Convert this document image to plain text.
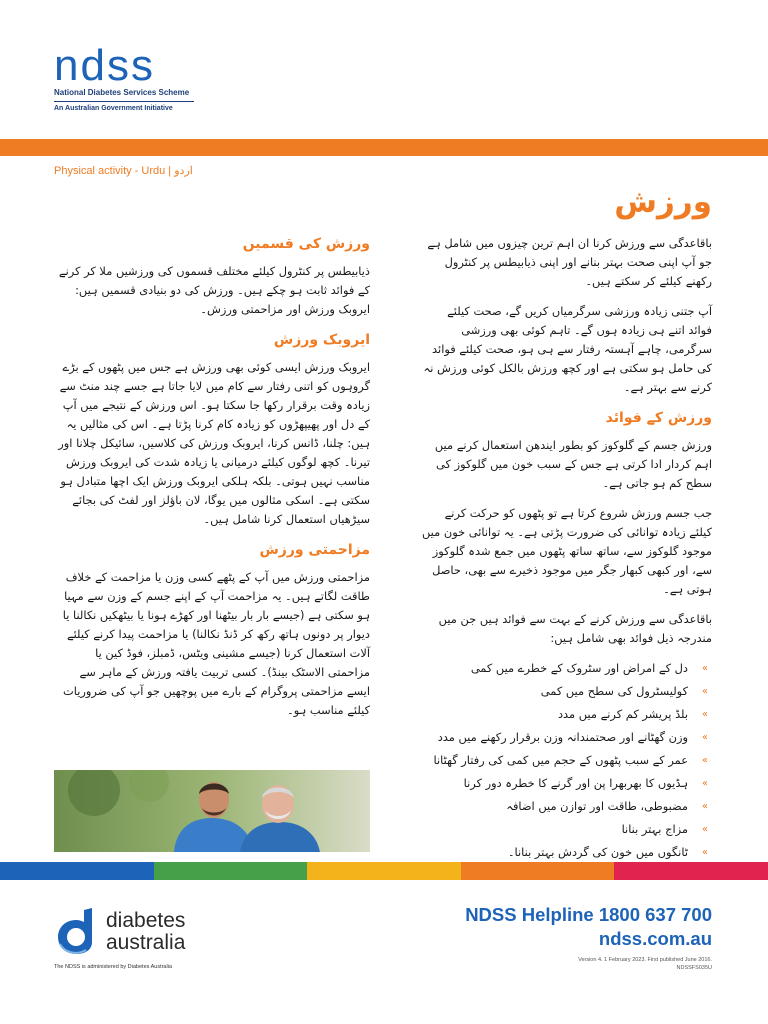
ndss
National Diabetes Services Scheme
An Australian Government Initiative
Physical activity - Urdu | اردو
ورزش

باقاعدگی سے ورزش کرنا ان اہم ترین چیزوں میں شامل ہے جو آپ اپنی صحت بہتر بنانے اور اپنی ذیابیطس پر کنٹرول رکھنے کیلئے کر سکتے ہیں۔

آپ جتنی زیادہ ورزشی سرگرمیاں کریں گے، صحت کیلئے فوائد اتنے ہی زیادہ ہوں گے۔ تاہم کوئی بھی ورزشی سرگرمی، چاہے آہستہ رفتار سے ہی ہو، صحت کیلئے فوائد کی حامل ہو سکتی ہے اور کچھ ورزش بالکل کوئی ورزش نہ کرنے سے بہتر ہے۔

ورزش کے فوائد

ورزش جسم کے گلوکوز کو بطور ایندھن استعمال کرنے میں اہم کردار ادا کرتی ہے جس کے سبب خون میں گلوکوز کی سطح کم ہو جاتی ہے۔

جب جسم ورزش شروع کرتا ہے تو پٹھوں کو حرکت کرنے کیلئے زیادہ توانائی کی ضرورت پڑتی ہے۔ یہ توانائی خون میں موجود گلوکوز سے، ساتھ ساتھ پٹھوں میں جمع شدہ گلوکوز سے، اور کبھی کبھار جگر میں موجود ذخیرے سے بھی، حاصل ہوتی ہے۔

باقاعدگی سے ورزش کرنے کے بہت سے فوائد ہیں جن میں مندرجہ ذیل فوائد بھی شامل ہیں:

»
دل کے امراض اور سٹروک کے خطرے میں کمی
»
کولیسٹرول کی سطح میں کمی
»
بلڈ پریشر کم کرنے میں مدد
»
وزن گھٹانے اور صحتمندانہ وزن برقرار رکھنے میں مدد
»
عمر کے سبب پٹھوں کے حجم میں کمی کی رفتار گھٹانا
»
ہڈیوں کا بھربھرا پن اور گرنے کا خطرہ دور کرنا
»
مضبوطی، طاقت اور توازن میں اضافہ
»
مزاج بہتر بنانا
»
ٹانگوں میں خون کی گردش بہتر بنانا۔
ورزش کی قسمیں

ذیابیطس پر کنٹرول کیلئے مختلف قسموں کی ورزشیں ملا کر کرنے کے فوائد ثابت ہو چکے ہیں۔ ورزش کی دو بنیادی قسمیں ہیں: ایروبک ورزش اور مزاحمتی ورزش۔

ایروبک ورزش

ایروبک ورزش ایسی کوئی بھی ورزش ہے جس میں پٹھوں کے بڑے گروہوں کو اتنی رفتار سے کام میں لایا جاتا ہے جسے چند منٹ سے زیادہ وقت برقرار رکھا جا سکتا ہو۔ اس ورزش کے نتیجے میں آپ کے دل اور پھیپھڑوں کو زیادہ کام کرنا پڑتا ہے۔ اس کی مثالیں یہ ہیں: چلنا، ڈانس کرنا، ایروبک ورزش کی کلاسیں، سائیکل چلانا اور تیرنا۔ کچھ لوگوں کیلئے درمیانی یا زیادہ شدت کی ایروبک ورزش مناسب نہیں ہوتی۔ بلکہ ہلکی ایروبک ورزش ایک اچھا متبادل ہو سکتی ہے۔ اسکی مثالوں میں یوگا، لان باؤلز اور لفٹ کی بجائے سیڑھیاں استعمال کرنا شامل ہیں۔

مزاحمتی ورزش

مزاحمتی ورزش میں آپ کے پٹھے کسی وزن یا مزاحمت کے خلاف طاقت لگاتے ہیں۔ یہ مزاحمت آپ کے اپنے جسم کے وزن سے مہیا ہو سکتی ہے (جیسے بار بار بیٹھنا اور کھڑے ہونا یا بیٹھکیں نکالنا یا دیوار پر دونوں ہاتھ رکھ کر ڈنڈ نکالنا) یا مزاحمت پیدا کرنے کیلئے آلات استعمال کرنا (جیسے مشینی ویٹس، ڈمبلز، فوڈ کین یا مزاحمتی الاسٹک بینڈ)۔ کسی تربیت یافتہ ورزش کے ماہر سے ایسے مزاحمتی پروگرام کے بارے میں پوچھیں جو آپ کی ضروریات کیلئے مناسب ہو۔

diabetes
australia
The NDSS is administered by Diabetes Australia
NDSS Helpline 1800 637 700
ndss.com.au
Version 4. 1 February 2023. First published June 2016.
NDSSFS035U
